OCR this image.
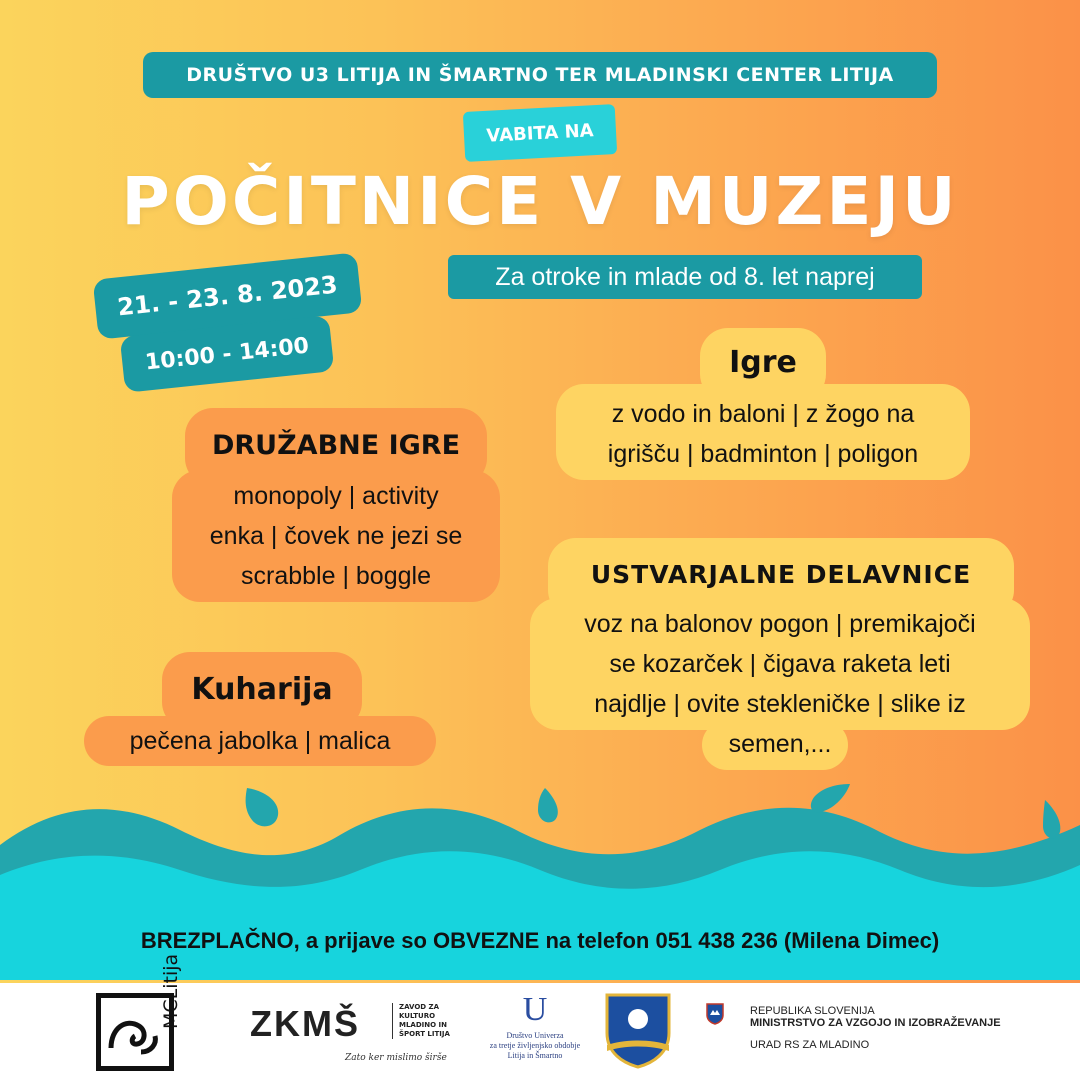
DRUŠTVO U3 LITIJA IN ŠMARTNO TER MLADINSKI CENTER LITIJA
VABITA NA
POČITNICE V MUZEJU
Za otroke in mlade od 8. let naprej
21. - 23. 8. 2023
10:00 - 14:00	Igre
z vodo in baloni | z žogo na
igrišču | badminton | poligon
DRUŽABNE IGRE
monopoly | activity
enka | čovek ne jezi se
scrabble | boggle	USTVARJALNE DELAVNICE
voz na balonov pogon | premikajoči
se kozarček | čigava raketa leti
najdlje | ovite stekleničke | slike iz
semen,...
Kuharija
pečena jabolka | malica
BREZPLAČNO, a prijave so OBVEZNE na telefon 051 438 236 (Milena Dimec)
MCLitija ZKMŠ	ZAVOD ZA
KULTURO
MLADINO IN
ŠPORT LITIJA
Zato ker mislimo širše
U
Društvo Univerza
za tretje življenjsko obdobje
Litija in Šmartno
REPUBLIKA SLOVENIJA
MINISTRSTVO ZA VZGOJO IN IZOBRAŽEVANJE
URAD RS ZA MLADINO
